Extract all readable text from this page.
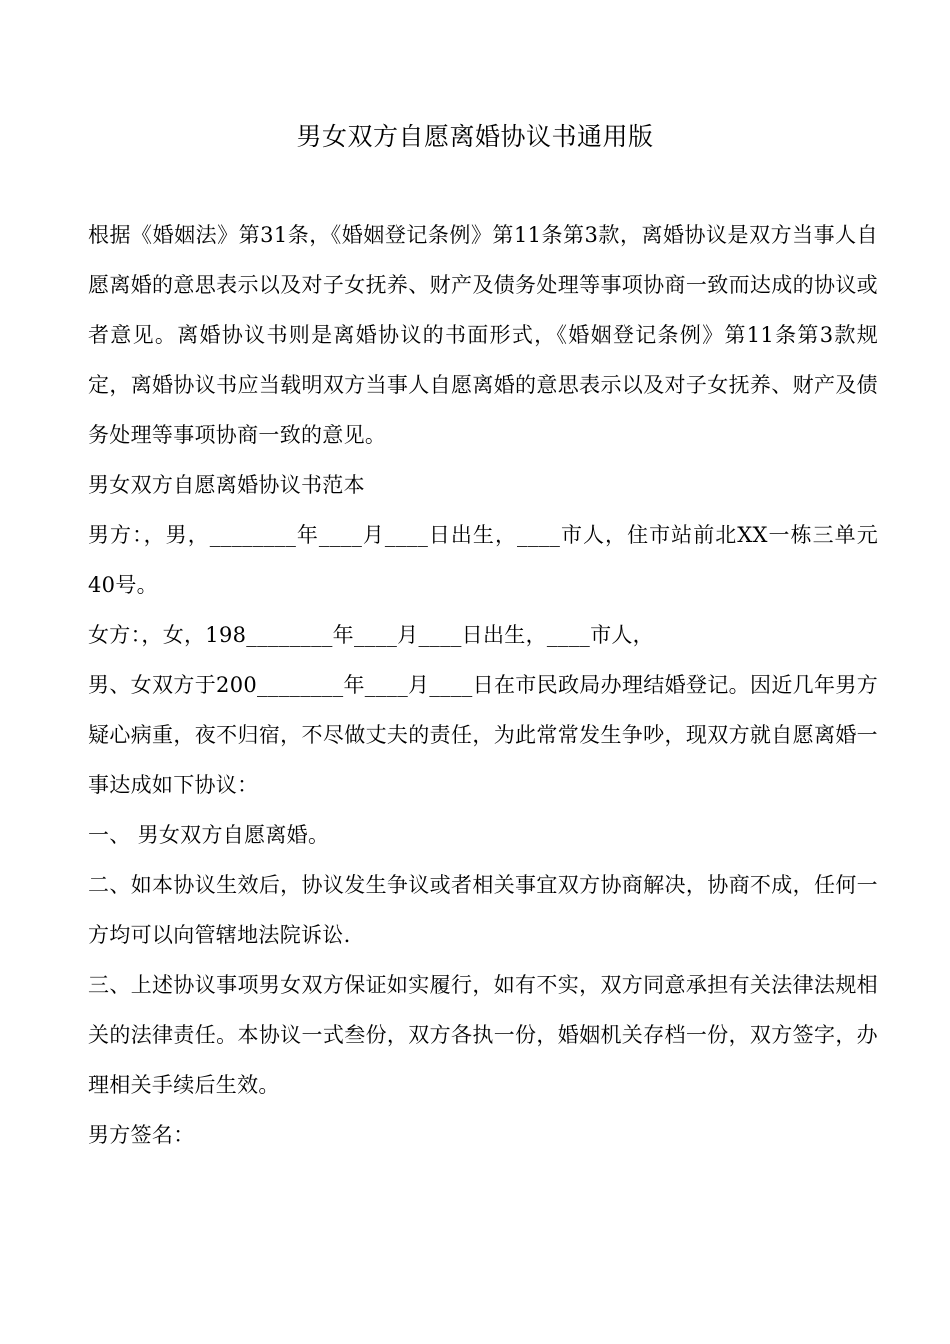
男女双方自愿离婚协议书通用版

根据《婚姻法》第31条，《婚姻登记条例》第11条第3款，离婚协议是双方当事人自愿离婚的意思表示以及对子女抚养、财产及债务处理等事项协商一致而达成的协议或者意见。离婚协议书则是离婚协议的书面形式，《婚姻登记条例》第11条第3款规定，离婚协议书应当载明双方当事人自愿离婚的意思表示以及对子女抚养、财产及债务处理等事项协商一致的意见。

男女双方自愿离婚协议书范本

男方：，男，________年____月____日出生，____市人，住市站前北XX一栋三单元40号。

女方：，女，198________年____月____日出生，____市人，

男、女双方于200________年____月____日在市民政局办理结婚登记。因近几年男方疑心病重，夜不归宿，不尽做丈夫的责任，为此常常发生争吵，现双方就自愿离婚一事达成如下协议：

一、 男女双方自愿离婚。

二、如本协议生效后，协议发生争议或者相关事宜双方协商解决，协商不成，任何一方均可以向管辖地法院诉讼.

三、上述协议事项男女双方保证如实履行，如有不实，双方同意承担有关法律法规相关的法律责任。本协议一式叁份，双方各执一份，婚姻机关存档一份，双方签字，办理相关手续后生效。

男方签名：
